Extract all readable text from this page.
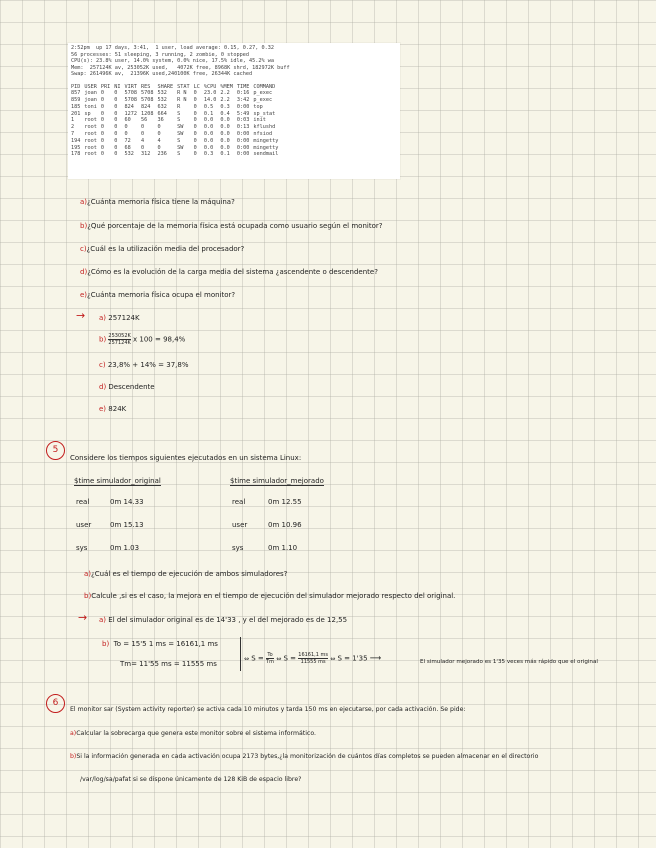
2:52pm  up 17 days, 3:41,  1 user, load average: 0.15, 0.27, 0.32
56 processes: 51 sleeping, 3 running, 2 zombie, 0 stopped
CPU(s): 23.8% user, 14.0% system, 0.0% nice, 17.5% idle, 45.2% wa
Mem:  257124K av, 253052K used,   4072K free, 8968K shrd, 182972K buff
Swap: 261496K av,  21396K used,240100K free, 26344K cached
PID	USER	PRI	NI	VIRT	RES	SHARE	STAT	LC	%CPU	%MEM	TIME	COMMAND
857	joan	0	0	5708	5708	532	R N	0	23.0	2.2	0:16	p_exec
859	joan	0	0	5708	5708	532	R N	0	14.0	2.2	3:42	p_exec
185	toni	0	0	824	824	632	R	0	0.5	0.3	0:00	top
201	sp	0	0	1272	1208	664	S	0	0.1	0.4	5:49	sp_stat
1	root	0	0	60	56	36	S	0	0.0	0.0	0:03	init
2	root	0	0	0	0	0	SW	0	0.0	0.0	0:13	kflushd
7	root	0	0	0	0	0	SW	0	0.0	0.0	0:00	nfsiod
194	root	0	0	72	4	4	S	0	0.0	0.0	0:00	mingetty
195	root	0	0	68	0	0	SW	0	0.0	0.0	0:00	mingetty
178	root	0	0	532	312	236	S	0	0.3	0.1	0:00	sendmail
a)¿Cuánta memoria física tiene la máquina?
b)¿Qué porcentaje de la memoria física está ocupada como usuario según el monitor?
c)¿Cuál es la utilización media del procesador?
d)¿Cómo es la evolución de la carga media del sistema ¿ascendente o descendente?
e)¿Cuánta memoria física ocupa el monitor?
→ a) 257124K
$b) \frac{253052K}{257124K}$ x 100 = 98,4%
c) 23,8% + 14% = 37,8%
d) Descendente
e) 824K
5
Considere los tiempos siguientes ejecutados en un sistema Linux:
$time simulador_original	$time simulador_mejorado
real	0m 14.33	real	0m 12.55
user	0m 15.13	user	0m 10.96
sys	0m 1.03	sys	0m 1.10
a)¿Cuál es el tiempo de ejecución de ambos simuladores?
b)Calcule ,si es el caso, la mejora en el tiempo de ejecución del simulador mejorado respecto del original.
→ a) El del simulador original es de 14'33 , y el del mejorado es de 12,55
b) To = 15'5 1 ms = 16161,1 ms
Tm= 11'55 ms = 11555 ms
⇔ $S = \frac{To}{Tm}$ ⇔ $S = \frac{16161,1 ms}{11555 ms}$ ⇔ S = 1'35 ⟶	El simulador mejorado es 1'35 veces más rápido que el original
6
El monitor sar (System activity reporter) se activa cada 10 minutos y tarda 150 ms en ejecutarse, por cada activación. Se pide:
a)Calcular la sobrecarga que genera este monitor sobre el sistema informático.
b)Si la información generada en cada activación ocupa 2173 bytes,¿la monitorización de cuántos días completos se pueden almacenar en el directorio
/var/log/sa/pafat si se dispone únicamente de 128 KiB de espacio libre?
